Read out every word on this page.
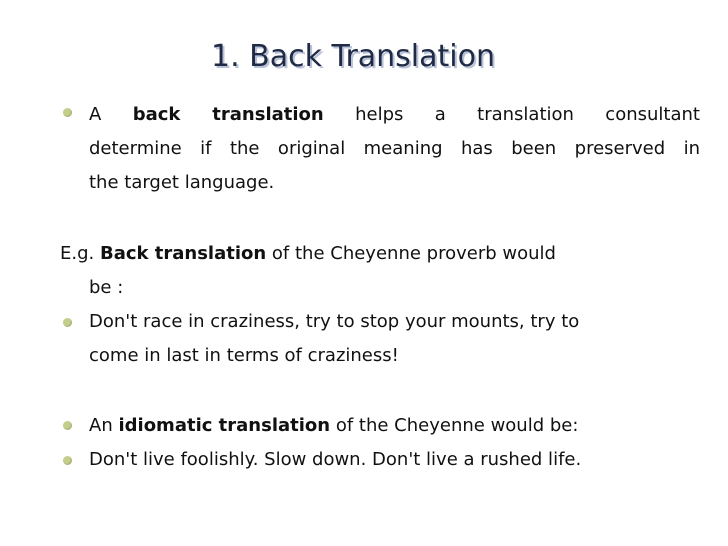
1. Back Translation
A back translation helps a translation consultant
determine if the original meaning has been preserved in
the target language.
E.g. Back translation of the Cheyenne proverb would
be :
Don't race in craziness, try to stop your mounts, try to
come in last in terms of craziness!
An idiomatic translation of the Cheyenne would be:
Don't live foolishly. Slow down. Don't live a rushed life.
